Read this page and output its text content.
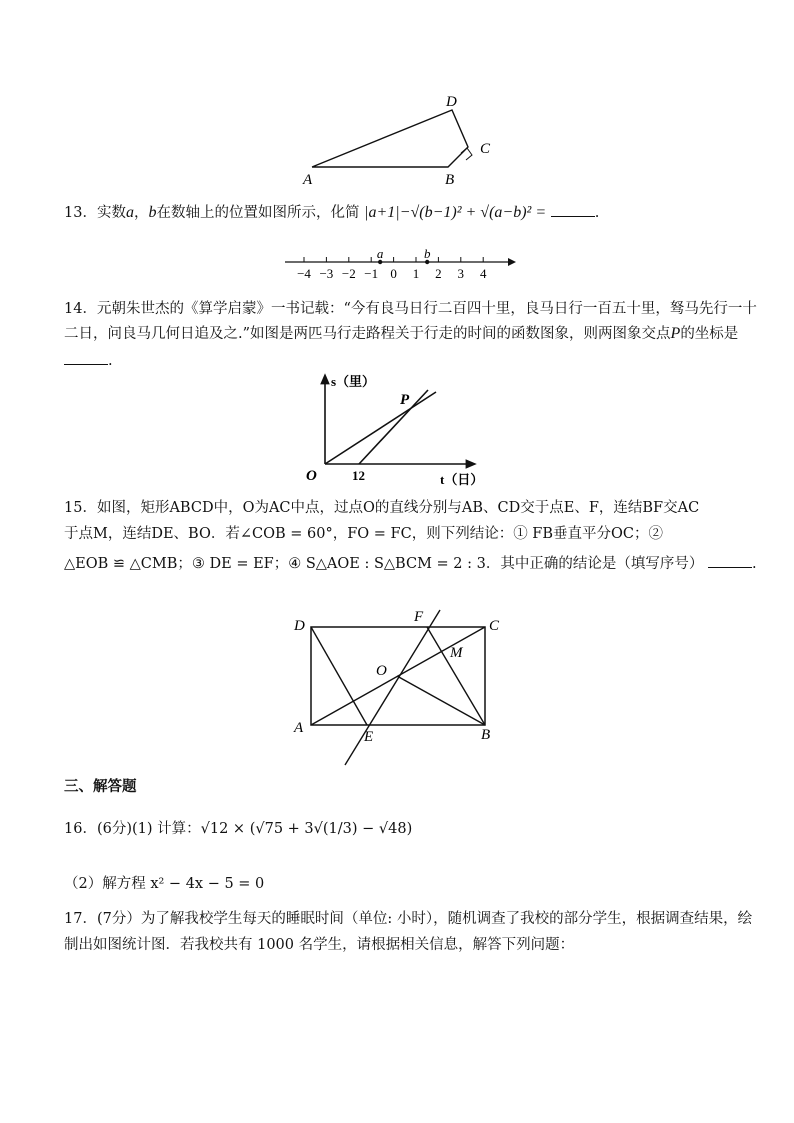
A	B
C
D
13．实数a，b在数轴上的位置如图所示，化简 |a+1|−√(b−1)² + √(a−b)² =	.
−4 −3 −2 −1 0 1 2 3 4
a	b
14．元朝朱世杰的《算学启蒙》一书记载：“今有良马日行二百四十里，良马日行一百五十里，驽马先行一十
二日，问良马几何日追及之.”如图是两匹马行走路程关于行走的时间的函数图象，则两图象交点P的坐标是
.
s（里）
t（日）
O	12
P
15．如图，矩形ABCD中，O为AC中点，过点O的直线分别与AB、CD交于点E、F，连结BF交AC
于点M，连结DE、BO．若∠COB = 60°，FO = FC，则下列结论：① FB垂直平分OC；②
△EOB ≌ △CMB；③ DE = EF；④ S△AOE : S△BCM = 2 : 3．其中正确的结论是（填写序号）	.
D	C
A	B
E
F
O
M
三、解答题
16．(6分)(1) 计算：√12 × (√75 + 3√(1/3) − √48)
（2）解方程 x² − 4x − 5 = 0
17．(7分）为了解我校学生每天的睡眠时间（单位: 小时），随机调查了我校的部分学生，根据调查结果，绘
制出如图统计图．若我校共有 1000 名学生，请根据相关信息，解答下列问题：
